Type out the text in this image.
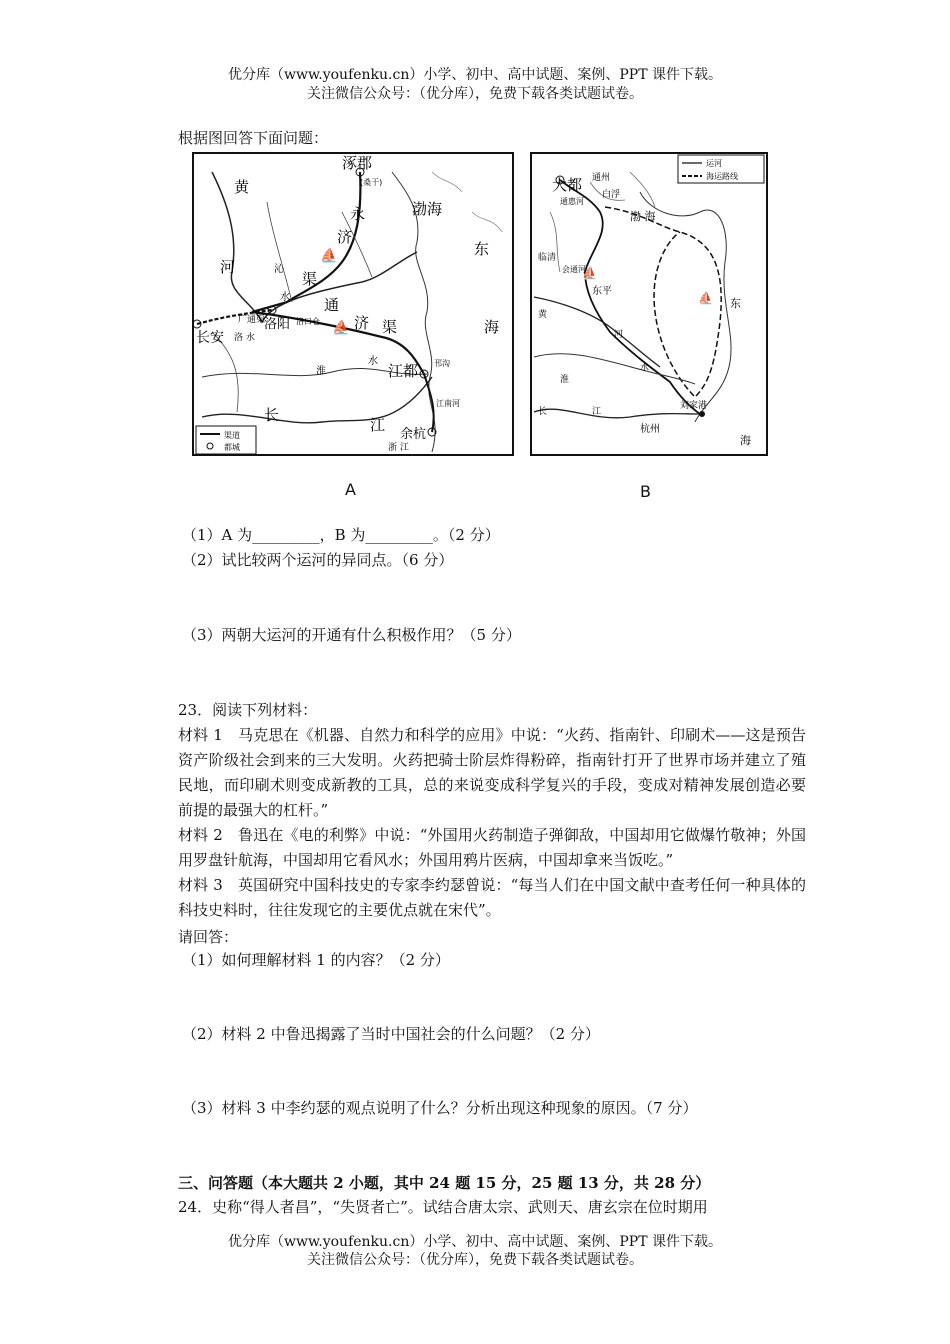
优分库（www.youfenku.cn）小学、初中、高中试题、案例、PPT 课件下载。
关注微信公众号：（优分库），免费下载各类试题试卷。
根据图回答下面问题：
⛵
⛵
涿郡
(桑干)
黄
河
永
济
渠
渤海
东
海
沁
水 通
济 渠
广通渠
长安
洛阳
洛 水
洛口仓
淮
水
江都
长
江
余杭
浙 江
邗沟
江南河
渠道
都城
A
运河
海运路线
⛵
⛵
大都 通州
白浮
通惠河
渤 海
临清
会通河
东平
黄
河
淮
水
长	江
杭州
刘家港
东
海
B
（1）A 为_________，B 为_________。（2 分）
（2）试比较两个运河的异同点。（6 分）
（3）两朝大运河的开通有什么积极作用？（5 分）
23．阅读下列材料：
材料 1　马克思在《机器、自然力和科学的应用》中说：“火药、指南针、印刷术——这是预告资产阶级社会到来的三大发明。火药把骑士阶层炸得粉碎，指南针打开了世界市场并建立了殖民地，而印刷术则变成新教的工具，总的来说变成科学复兴的手段，变成对精神发展创造必要前提的最强大的杠杆。”
材料 2　鲁迅在《电的利弊》中说：“外国用火药制造子弹御敌，中国却用它做爆竹敬神；外国用罗盘针航海，中国却用它看风水；外国用鸦片医病，中国却拿来当饭吃。”
材料 3　英国研究中国科技史的专家李约瑟曾说：“每当人们在中国文献中查考任何一种具体的科技史料时，往往发现它的主要优点就在宋代”。
请回答：
（1）如何理解材料 1 的内容？（2 分）
（2）材料 2 中鲁迅揭露了当时中国社会的什么问题？（2 分）
（3）材料 3 中李约瑟的观点说明了什么？分析出现这种现象的原因。（7 分）
三、问答题（本大题共 2 小题，其中 24 题 15 分，25 题 13 分，共 28 分）
24．史称“得人者昌”，“失贤者亡”。试结合唐太宗、武则天、唐玄宗在位时期用
优分库（www.youfenku.cn）小学、初中、高中试题、案例、PPT 课件下载。
关注微信公众号：（优分库），免费下载各类试题试卷。
